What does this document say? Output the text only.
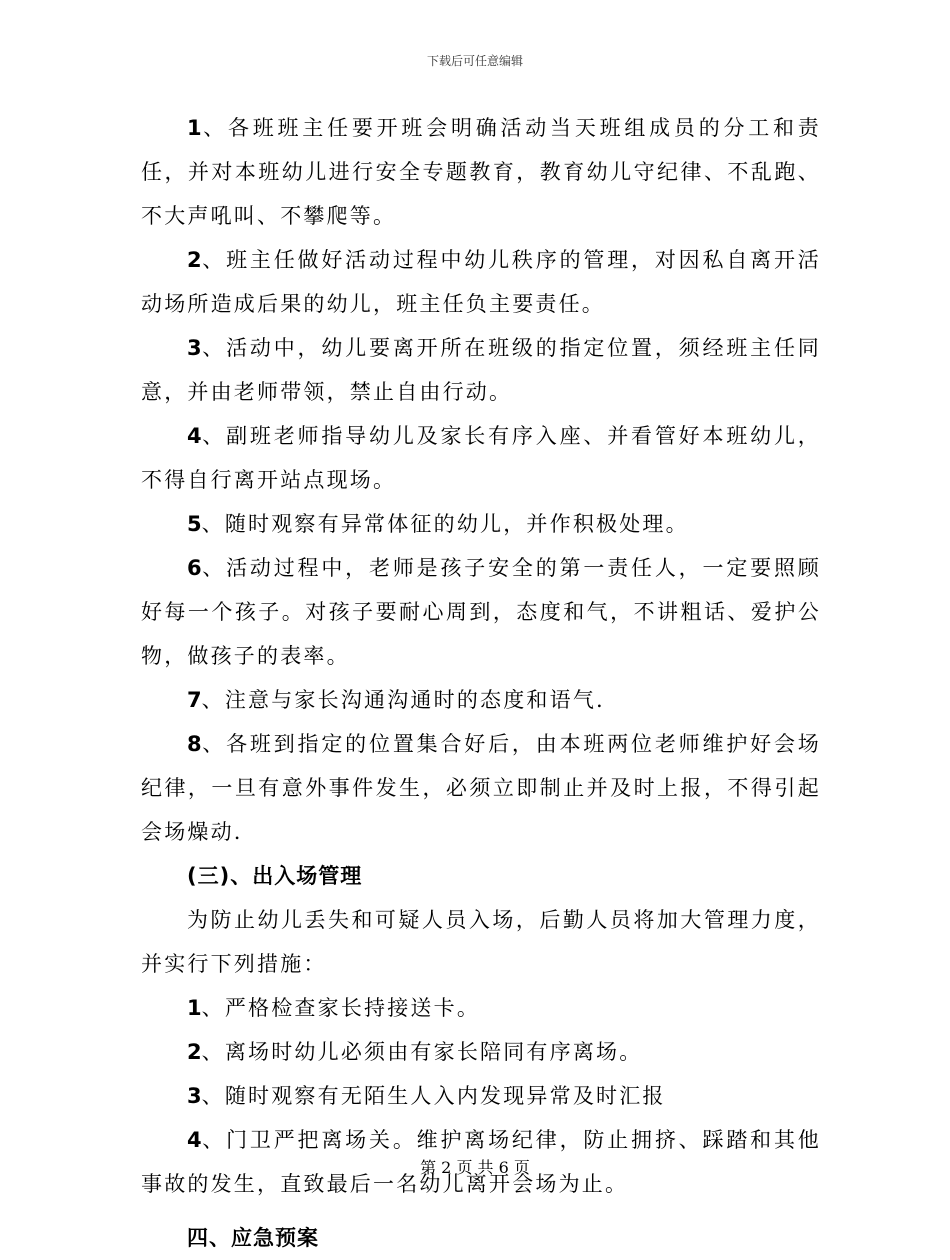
下载后可任意编辑

1、各班班主任要开班会明确活动当天班组成员的分工和责任，并对本班幼儿进行安全专题教育，教育幼儿守纪律、不乱跑、不大声吼叫、不攀爬等。

2、班主任做好活动过程中幼儿秩序的管理，对因私自离开活动场所造成后果的幼儿，班主任负主要责任。

3、活动中，幼儿要离开所在班级的指定位置，须经班主任同意，并由老师带领，禁止自由行动。

4、副班老师指导幼儿及家长有序入座、并看管好本班幼儿，不得自行离开站点现场。

5、随时观察有异常体征的幼儿，并作积极处理。

6、活动过程中，老师是孩子安全的第一责任人，一定要照顾好每一个孩子。对孩子要耐心周到，态度和气，不讲粗话、爱护公物，做孩子的表率。

7、注意与家长沟通沟通时的态度和语气.

8、各班到指定的位置集合好后，由本班两位老师维护好会场纪律，一旦有意外事件发生，必须立即制止并及时上报，不得引起会场燥动.

(三)、出入场管理

为防止幼儿丢失和可疑人员入场，后勤人员将加大管理力度，并实行下列措施：

1、严格检查家长持接送卡。

2、离场时幼儿必须由有家长陪同有序离场。

3、随时观察有无陌生人入内发现异常及时汇报

4、门卫严把离场关。维护离场纪律，防止拥挤、踩踏和其他事故的发生，直致最后一名幼儿离开会场为止。

四、应急预案

第 2 页 共 6 页
